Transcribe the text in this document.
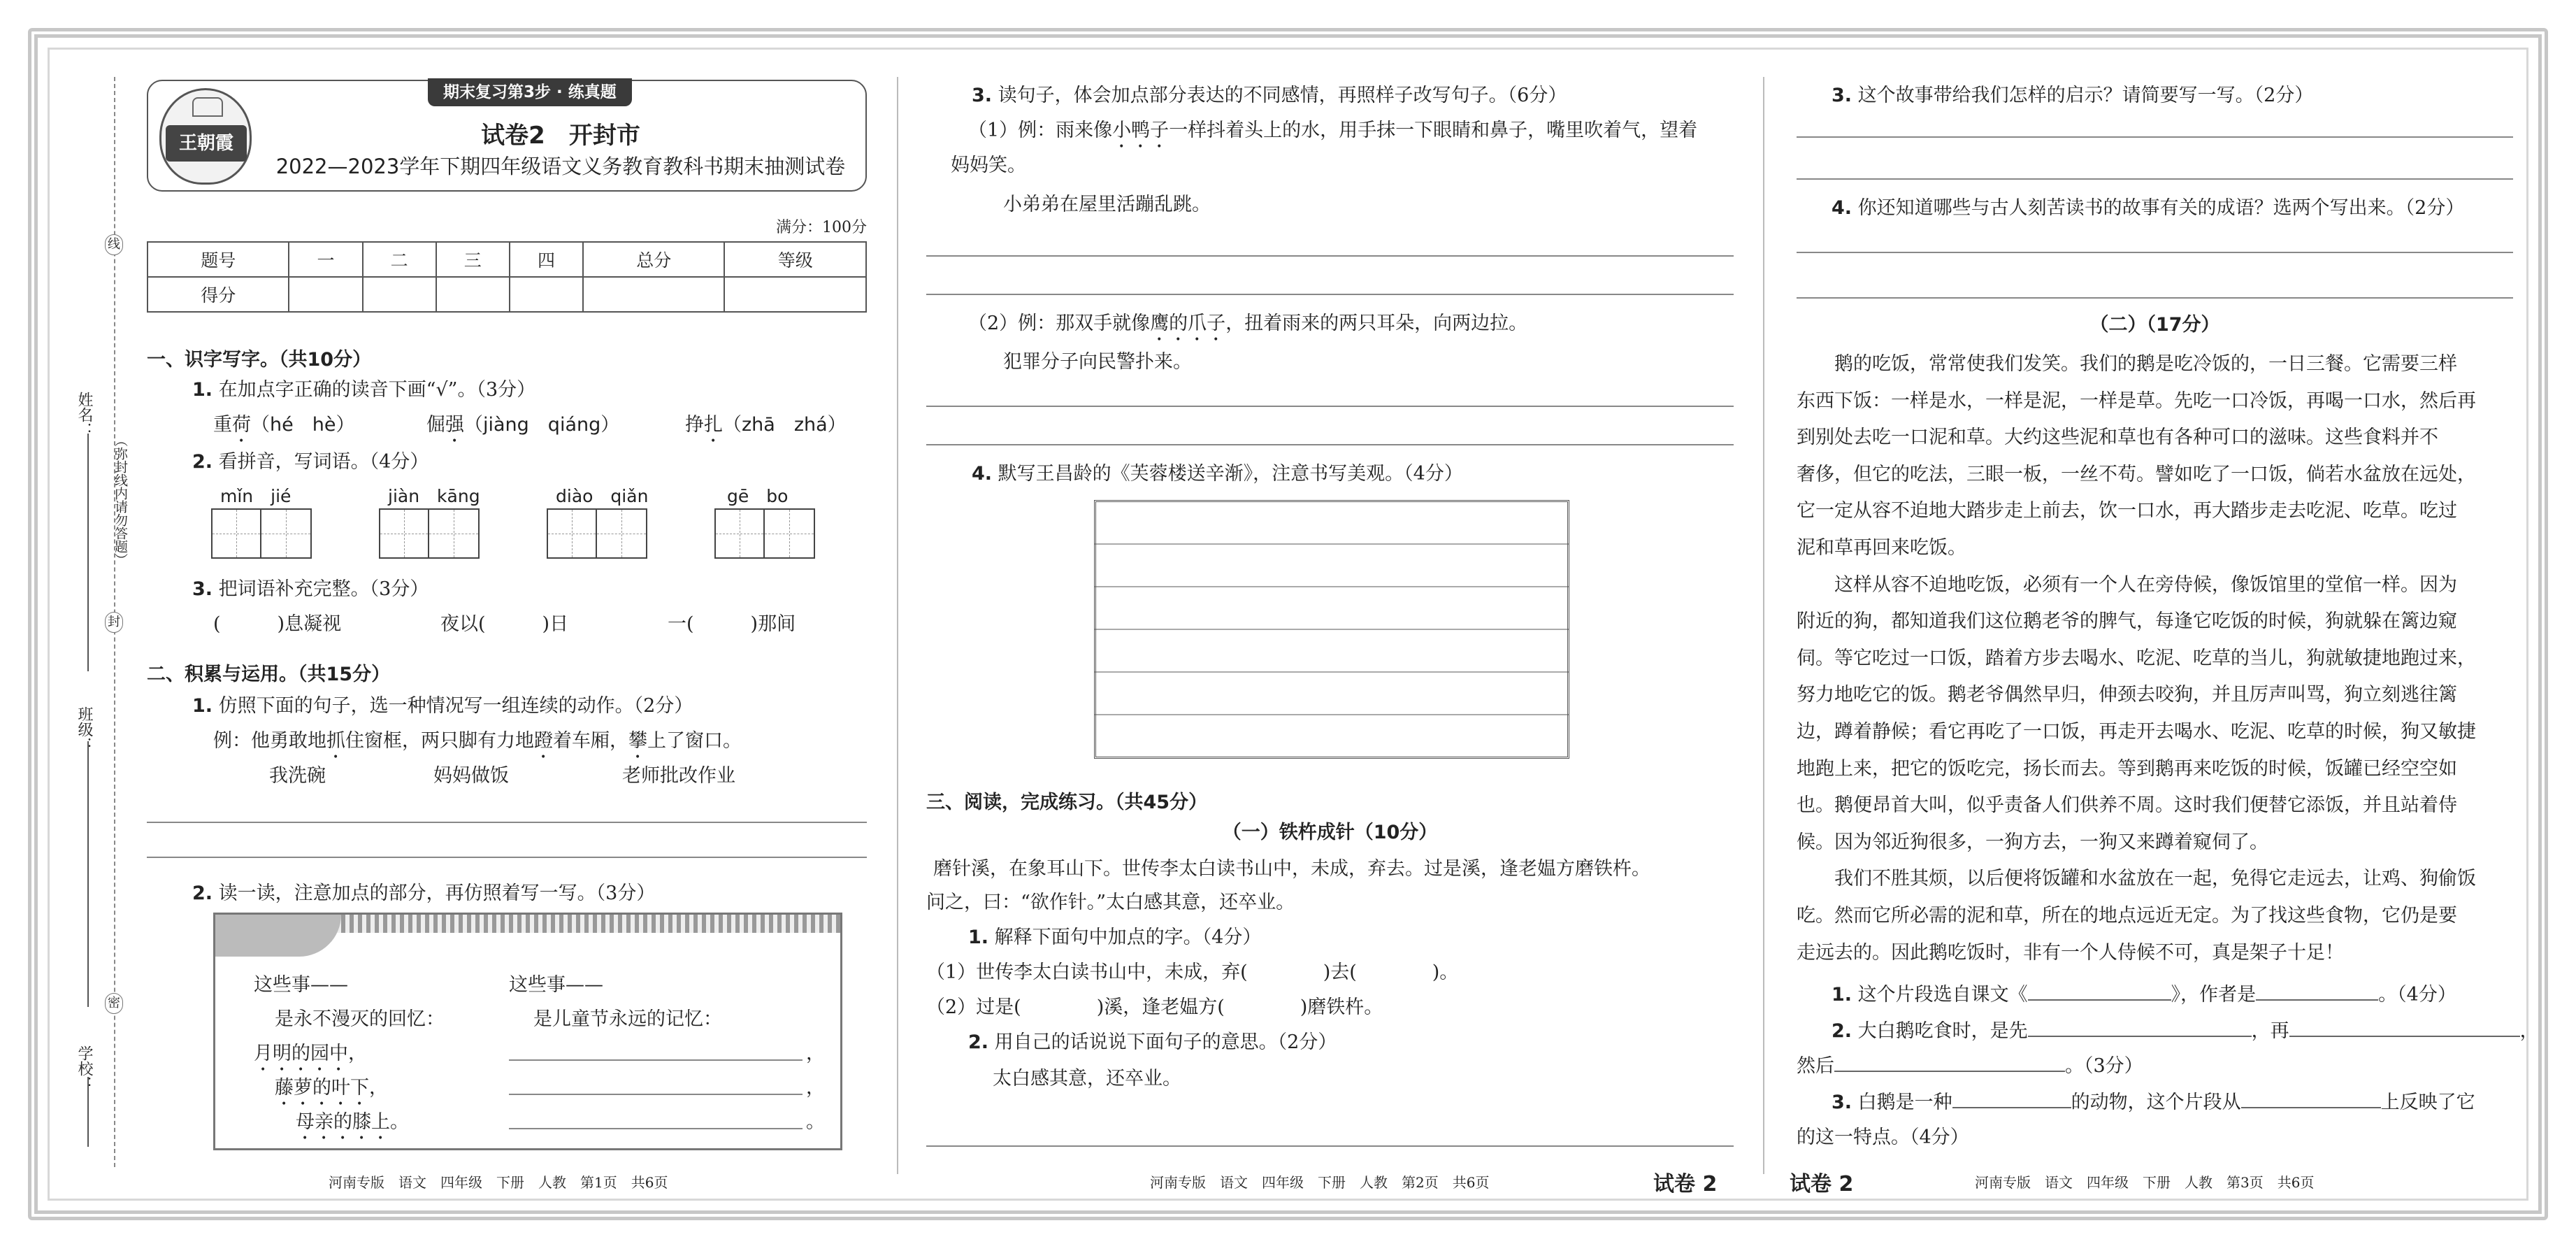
姓名：
班级：
学校：
（弥封线内请勿答题）
线
封
密
期末复习第3步 · 练真题
王朝霞	试卷2　开封市
2022—2023学年下期四年级语文义务教育教科书期末抽测试卷
满分：100分
题号	一	二	三	四	总分	等级
得分						
一、识字写字。（共10分）
1. 在加点字正确的读音下画“√”。（3分）
重荷（hé　hè）	倔强（jiàng　qiáng）	挣扎（zhā　zhá）
2. 看拼音，写词语。（4分）
mǐn　jié	jiàn　kāng	diào　qiǎn	gē　bo
3. 把词语补充完整。（3分）
(　　　)息凝视	夜以(　　　)日	一(　　　)那间
二、积累与运用。（共15分）
1. 仿照下面的句子，选一种情况写一组连续的动作。（2分）
例：他勇敢地抓住窗框，两只脚有力地蹬着车厢，攀上了窗口。
我洗碗	妈妈做饭	老师批改作业
2. 读一读，注意加点的部分，再仿照着写一写。（3分）
这些事——
是永不漫灭的回忆：
月明的园中，
藤萝的叶下，
母亲的膝上。
这些事——
是儿童节永远的记忆：
，
，
。
河南专版　语文　四年级　下册　人教　第1页　共6页
3. 读句子，体会加点部分表达的不同感情，再照样子改写句子。（6分）
（1）例：雨来像小鸭子一样抖着头上的水，用手抹一下眼睛和鼻子，嘴里吹着气，望着
妈妈笑。
小弟弟在屋里活蹦乱跳。
（2）例：那双手就像鹰的爪子，扭着雨来的两只耳朵，向两边拉。
犯罪分子向民警扑来。
4. 默写王昌龄的《芙蓉楼送辛渐》，注意书写美观。（4分）
三、阅读，完成练习。（共45分）
（一）铁杵成针（10分）
磨针溪，在象耳山下。世传李太白读书山中，未成，弃去。过是溪，逢老媪方磨铁杵。
问之，曰：“欲作针。”太白感其意，还卒业。
1. 解释下面句中加点的字。（4分）
（1）世传李太白读书山中，未成，弃(　　　　)去(　　　　)。
（2）过是(　　　　)溪，逢老媪方(　　　　)磨铁杵。
2. 用自己的话说说下面句子的意思。（2分）
太白感其意，还卒业。
河南专版　语文　四年级　下册　人教　第2页　共6页	试卷 2
3. 这个故事带给我们怎样的启示？请简要写一写。（2分）
4. 你还知道哪些与古人刻苦读书的故事有关的成语？选两个写出来。（2分）
（二）（17分）
　　鹅的吃饭，常常使我们发笑。我们的鹅是吃冷饭的，一日三餐。它需要三样
东西下饭：一样是水，一样是泥，一样是草。先吃一口冷饭，再喝一口水，然后再
到别处去吃一口泥和草。大约这些泥和草也有各种可口的滋味。这些食料并不
奢侈，但它的吃法，三眼一板，一丝不苟。譬如吃了一口饭，倘若水盆放在远处，
它一定从容不迫地大踏步走上前去，饮一口水，再大踏步走去吃泥、吃草。吃过
泥和草再回来吃饭。
　　这样从容不迫地吃饭，必须有一个人在旁侍候，像饭馆里的堂倌一样。因为
附近的狗，都知道我们这位鹅老爷的脾气，每逢它吃饭的时候，狗就躲在篱边窥
伺。等它吃过一口饭，踏着方步去喝水、吃泥、吃草的当儿，狗就敏捷地跑过来，
努力地吃它的饭。鹅老爷偶然早归，伸颈去咬狗，并且厉声叫骂，狗立刻逃往篱
边，蹲着静候；看它再吃了一口饭，再走开去喝水、吃泥、吃草的时候，狗又敏捷
地跑上来，把它的饭吃完，扬长而去。等到鹅再来吃饭的时候，饭罐已经空空如
也。鹅便昂首大叫，似乎责备人们供养不周。这时我们便替它添饭，并且站着侍
候。因为邻近狗很多，一狗方去，一狗又来蹲着窥伺了。
　　我们不胜其烦，以后便将饭罐和水盆放在一起，免得它走远去，让鸡、狗偷饭
吃。然而它所必需的泥和草，所在的地点远近无定。为了找这些食物，它仍是要
走远去的。因此鹅吃饭时，非有一个人侍候不可，真是架子十足！
1. 这个片段选自课文《	》，作者是	。（4分）
2. 大白鹅吃食时，是先	，再	，
然后	。（3分）
3. 白鹅是一种	的动物，这个片段从	上反映了它
的这一特点。（4分）
试卷 2	河南专版　语文　四年级　下册　人教　第3页　共6页
